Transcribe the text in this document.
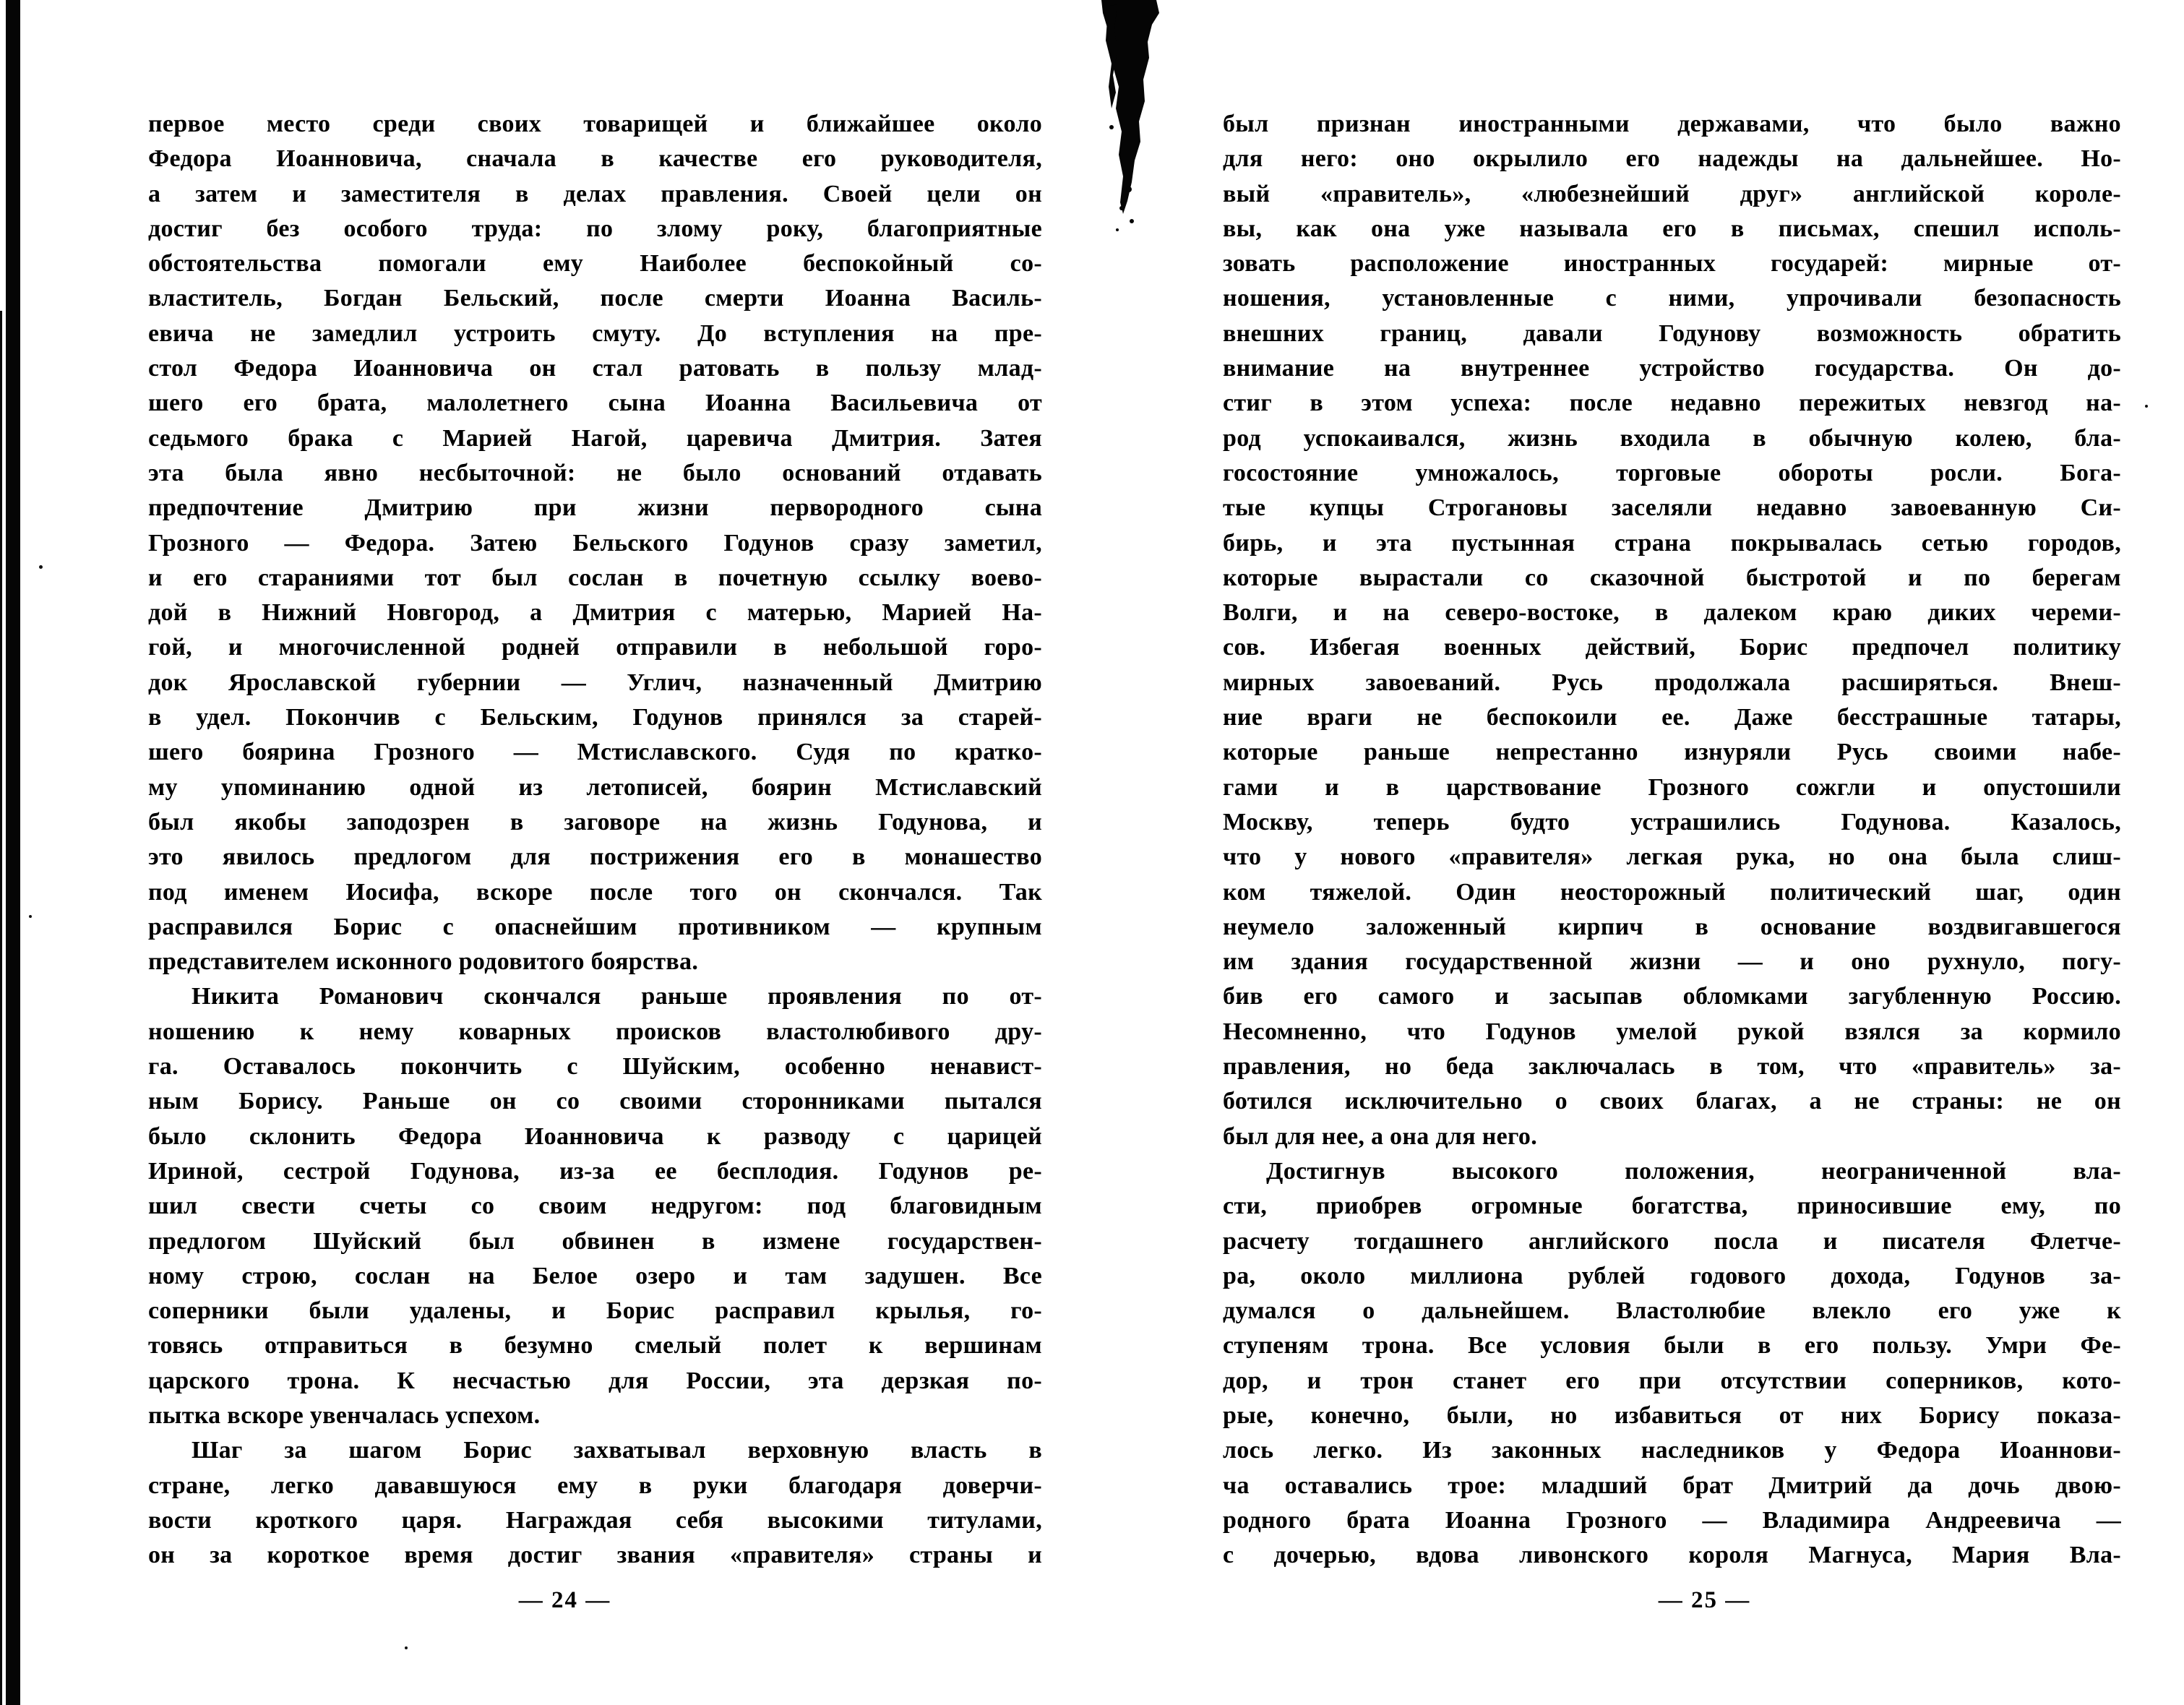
первое место среди своих товарищей и ближайшее около
Федора Иоанновича, сначала в качестве его руководителя,
а затем и заместителя в делах правления. Своей цели он
достиг без особого труда: по злому року, благоприятные
обстоятельства помогали ему Наиболее беспокойный со-
властитель, Богдан Бельский, после смерти Иоанна Василь-
евича не замедлил устроить смуту. До вступления на пре-
стол Федора Иоанновича он стал ратовать в пользу млад-
шего его брата, малолетнего сына Иоанна Васильевича от
седьмого брака с Марией Нагой, царевича Дмитрия. Затея
эта была явно несбыточной: не было оснований отдавать
предпочтение Дмитрию при жизни первородного сына
Грозного — Федора. Затею Бельского Годунов сразу заметил,
и его стараниями тот был сослан в почетную ссылку воево-
дой в Нижний Новгород, а Дмитрия с матерью, Марией На-
гой, и многочисленной родней отправили в небольшой горо-
док Ярославской губернии — Углич, назначенный Дмитрию
в удел. Покончив с Бельским, Годунов принялся за старей-
шего боярина Грозного — Мстиславского. Судя по кратко-
му упоминанию одной из летописей, боярин Мстиславский
был якобы заподозрен в заговоре на жизнь Годунова, и
это явилось предлогом для пострижения его в монашество
под именем Иосифа, вскоре после того он скончался. Так
расправился Борис с опаснейшим противником — крупным
представителем исконного родовитого боярства.
Никита Романович скончался раньше проявления по от-
ношению к нему коварных происков властолюбивого дру-
га. Оставалось покончить с Шуйским, особенно ненавист-
ным Борису. Раньше он со своими сторонниками пытался
было склонить Федора Иоанновича к разводу с царицей
Ириной, сестрой Годунова, из-за ее бесплодия. Годунов ре-
шил свести счеты со своим недругом: под благовидным
предлогом Шуйский был обвинен в измене государствен-
ному строю, сослан на Белое озеро и там задушен. Все
соперники были удалены, и Борис расправил крылья, го-
товясь отправиться в безумно смелый полет к вершинам
царского трона. К несчастью для России, эта дерзкая по-
пытка вскоре увенчалась успехом.
Шаг за шагом Борис захватывал верховную власть в
стране, легко дававшуюся ему в руки благодаря доверчи-
вости кроткого царя. Награждая себя высокими титулами,
он за короткое время достиг звания «правителя» страны и
— 24 —
был признан иностранными державами, что было важно
для него: оно окрылило его надежды на дальнейшее. Но-
вый «правитель», «любезнейший друг» английской короле-
вы, как она уже называла его в письмах, спешил исполь-
зовать расположение иностранных государей: мирные от-
ношения, установленные с ними, упрочивали безопасность
внешних границ, давали Годунову возможность обратить
внимание на внутреннее устройство государства. Он до-
стиг в этом успеха: после недавно пережитых невзгод на-
род успокаивался, жизнь входила в обычную колею, бла-
госостояние умножалось, торговые обороты росли. Бога-
тые купцы Строгановы заселяли недавно завоеванную Си-
бирь, и эта пустынная страна покрывалась сетью городов,
которые вырастали со сказочной быстротой и по берегам
Волги, и на северо-востоке, в далеком краю диких череми-
сов. Избегая военных действий, Борис предпочел политику
мирных завоеваний. Русь продолжала расширяться. Внеш-
ние враги не беспокоили ее. Даже бесстрашные татары,
которые раньше непрестанно изнуряли Русь своими набе-
гами и в царствование Грозного сожгли и опустошили
Москву, теперь будто устрашились Годунова. Казалось,
что у нового «правителя» легкая рука, но она была слиш-
ком тяжелой. Один неосторожный политический шаг, один
неумело заложенный кирпич в основание воздвигавшегося
им здания государственной жизни — и оно рухнуло, погу-
бив его самого и засыпав обломками загубленную Россию.
Несомненно, что Годунов умелой рукой взялся за кормило
правления, но беда заключалась в том, что «правитель» за-
ботился исключительно о своих благах, а не страны: не он
был для нее, а она для него.
Достигнув высокого положения, неограниченной вла-
сти, приобрев огромные богатства, приносившие ему, по
расчету тогдашнего английского посла и писателя Флетче-
ра, около миллиона рублей годового дохода, Годунов за-
думался о дальнейшем. Властолюбие влекло его уже к
ступеням трона. Все условия были в его пользу. Умри Фе-
дор, и трон станет его при отсутствии соперников, кото-
рые, конечно, были, но избавиться от них Борису показа-
лось легко. Из законных наследников у Федора Иоаннови-
ча оставались трое: младший брат Дмитрий да дочь двою-
родного брата Иоанна Грозного — Владимира Андреевича —
с дочерью, вдова ливонского короля Магнуса, Мария Вла-
— 25 —
